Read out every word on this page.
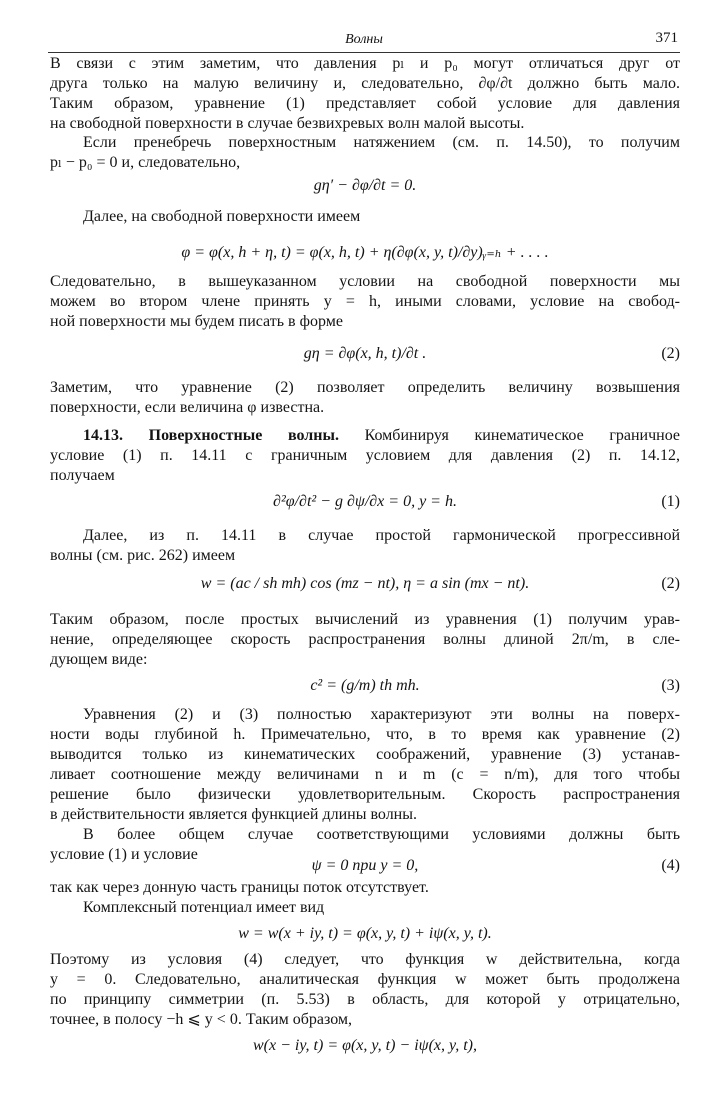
Волны	371
В связи с этим заметим, что давления pₗ и p₀ могут отличаться друг от
друга только на малую величину и, следовательно, ∂φ/∂t должно быть мало.
Таким образом, уравнение (1) представляет собой условие для давления
на свободной поверхности в случае безвихревых волн малой высоты.
Если пренебречь поверхностным натяжением (см. п. 14.50), то получим
pₗ − p₀ = 0 и, следовательно,
Далее, на свободной поверхности имеем
Следовательно, в вышеуказанном условии на свободной поверхности мы
можем во втором члене принять y = h, иными словами, условие на свобод-
ной поверхности мы будем писать в форме
Заметим, что уравнение (2) позволяет определить величину возвышения
поверхности, если величина φ известна.
14.13. Поверхностные волны. Комбинируя кинематическое граничное
условие (1) п. 14.11 с граничным условием для давления (2) п. 14.12,
получаем
Далее, из п. 14.11 в случае простой гармонической прогрессивной
волны (см. рис. 262) имеем
Таким образом, после простых вычислений из уравнения (1) получим урав-
нение, определяющее скорость распространения волны длиной 2π/m, в сле-
дующем виде:
Уравнения (2) и (3) полностью характеризуют эти волны на поверх-
ности воды глубиной h. Примечательно, что, в то время как уравнение (2)
выводится только из кинематических соображений, уравнение (3) устанав-
ливает соотношение между величинами n и m (c = n/m), для того чтобы
решение было физически удовлетворительным. Скорость распространения
в действительности является функцией длины волны.
В более общем случае соответствующими условиями должны быть
условие (1) и условие
так как через донную часть границы поток отсутствует.
Комплексный потенциал имеет вид
Поэтому из условия (4) следует, что функция w действительна, когда
y = 0. Следовательно, аналитическая функция w может быть продолжена
по принципу симметрии (п. 5.53) в область, для которой y отрицательно,
точнее, в полосу −h ⩽ y < 0. Таким образом,
gη′ − ∂φ/∂t = 0.
φ = φ(x, h + η, t) = φ(x, h, t) + η(∂φ(x, y, t)/∂y)ᵧ₌ₕ + . . . .
gη = ∂φ(x, h, t)/∂t .	(2)
∂²φ/∂t² − g ∂ψ/∂x = 0, y = h.	(1)
w = (ac / sh mh) cos (mz − nt), η = a sin (mx − nt).	(2)
c² = (g/m) th mh.	(3)
ψ = 0 при y = 0,	(4)
w = w(x + iy, t) = φ(x, y, t) + iψ(x, y, t).
w(x − iy, t) = φ(x, y, t) − iψ(x, y, t),
